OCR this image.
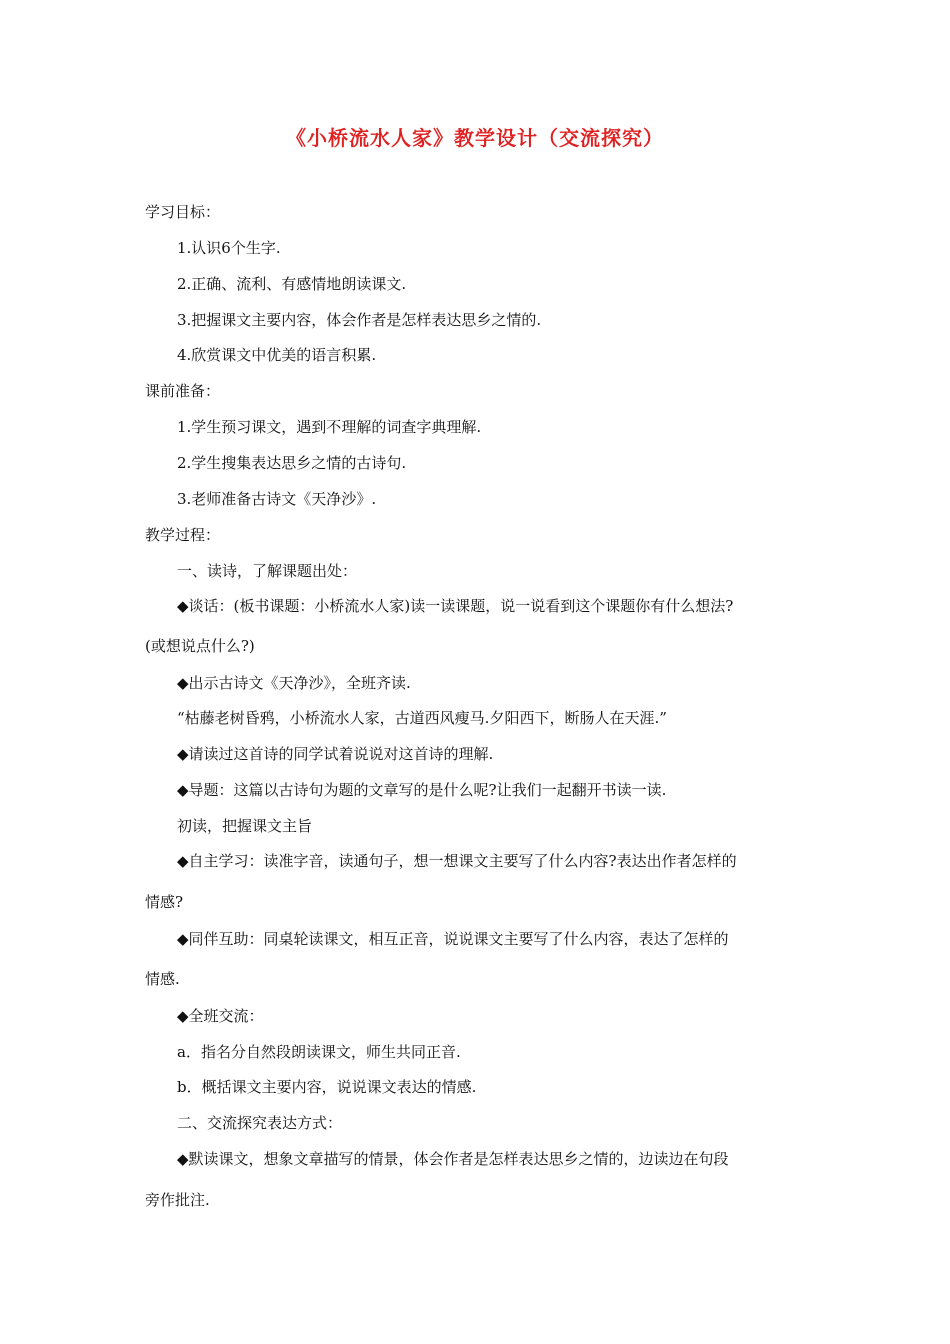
《小桥流水人家》教学设计（交流探究）
学习目标：
1.认识6个生字.
2.正确、流利、有感情地朗读课文.
3.把握课文主要内容，体会作者是怎样表达思乡之情的.
4.欣赏课文中优美的语言积累.
课前准备：
1.学生预习课文，遇到不理解的词查字典理解.
2.学生搜集表达思乡之情的古诗句.
3.老师准备古诗文《天净沙》.
教学过程：
一、读诗，了解课题出处：
◆谈话：(板书课题：小桥流水人家)读一读课题，说一说看到这个课题你有什么想法?
(或想说点什么?)
◆出示古诗文《天净沙》，全班齐读.
“枯藤老树昏鸦，小桥流水人家，古道西风瘦马.夕阳西下，断肠人在天涯.”
◆请读过这首诗的同学试着说说对这首诗的理解.
◆导题：这篇以古诗句为题的文章写的是什么呢?让我们一起翻开书读一读.
初读，把握课文主旨
◆自主学习：读准字音，读通句子，想一想课文主要写了什么内容?表达出作者怎样的
情感?
◆同伴互助：同桌轮读课文，相互正音，说说课文主要写了什么内容，表达了怎样的
情感.
◆全班交流：
a．指名分自然段朗读课文，师生共同正音.
b．概括课文主要内容，说说课文表达的情感.
二、交流探究表达方式：
◆默读课文，想象文章描写的情景，体会作者是怎样表达思乡之情的，边读边在句段
旁作批注.
